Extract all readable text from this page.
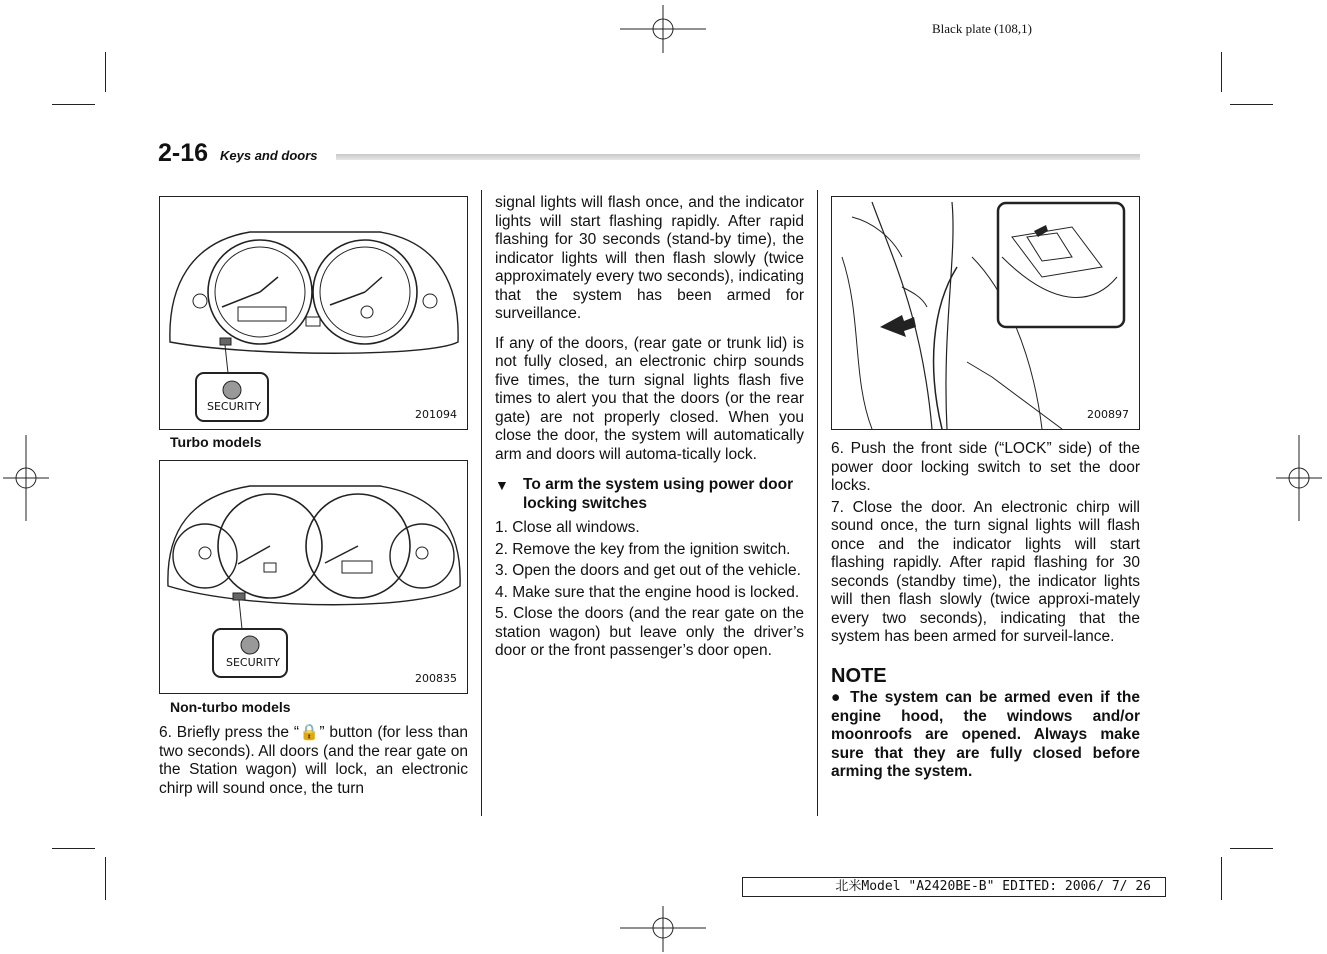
Black plate (108,1)
2-16 Keys and doors
SECURITY
201094
Turbo models
SECURITY
200835
Non-turbo models

6. Briefly press the “🔒” button (for less than two seconds). All doors (and the rear gate on the Station wagon) will lock, an electronic chirp will sound once, the turn

signal lights will flash once, and the indicator lights will start flashing rapidly. After rapid flashing for 30 seconds (stand-by time), the indicator lights will then flash slowly (twice approximately every two seconds), indicating that the system has been armed for surveillance.

If any of the doors, (rear gate or trunk lid) is not fully closed, an electronic chirp sounds five times, the turn signal lights flash five times to alert you that the doors (or the rear gate) are not properly closed. When you close the door, the system will automatically arm and doors will automa-tically lock.

▼ To arm the system using power door locking switches

1. Close all windows.

2. Remove the key from the ignition switch.

3. Open the doors and get out of the vehicle.

4. Make sure that the engine hood is locked.

5. Close the doors (and the rear gate on the station wagon) but leave only the driver’s door or the front passenger’s door open.

200897

6. Push the front side (“LOCK” side) of the power door locking switch to set the door locks.

7. Close the door. An electronic chirp will sound once, the turn signal lights will flash once and the indicator lights will start flashing rapidly. After rapid flashing for 30 seconds (standby time), the indicator lights will then flash slowly (twice approxi-mately every two seconds), indicating that the system has been armed for surveil-lance.

NOTE
● The system can be armed even if the engine hood, the windows and/or moonroofs are opened. Always make sure that they are fully closed before arming the system.
北米Model "A2420BE-B" EDITED: 2006/ 7/ 26
